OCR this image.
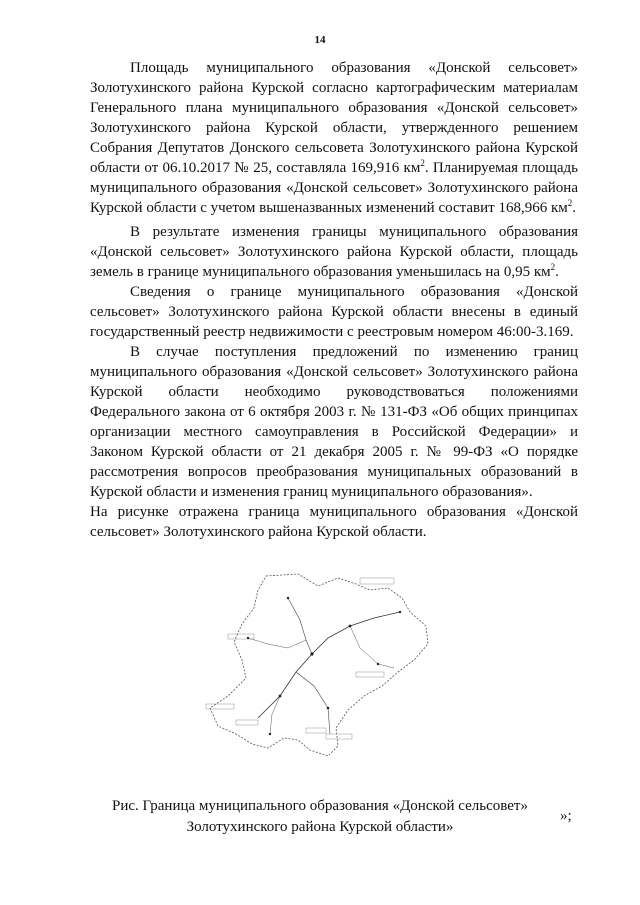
14

Площадь муниципального образования «Донской сельсовет» Золотухинского района Курской согласно картографическим материалам Генерального плана муниципального образования «Донской сельсовет» Золотухинского района Курской области, утвержденного решением Собрания Депутатов Донского сельсовета Золотухинского района Курской области от 06.10.2017 № 25, составляла 169,916 $км^2$. Планируемая площадь муниципального образования «Донской сельсовет» Золотухинского района Курской области с учетом вышеназванных изменений составит 168,966 $км^2$.

В результате изменения границы муниципального образования «Донской сельсовет» Золотухинского района Курской области, площадь земель в границе муниципального образования уменьшилась на 0,95 $км^2$.

Сведения о границе муниципального образования «Донской сельсовет» Золотухинского района Курской области внесены в единый государственный реестр недвижимости с реестровым номером 46:00-3.169.

В случае поступления предложений по изменению границ муниципального образования «Донской сельсовет» Золотухинского района Курской области необходимо руководствоваться положениями Федерального закона от 6 октября 2003 г. № 131-ФЗ «Об общих принципах организации местного самоуправления в Российской Федерации» и Законом Курской области от 21 декабря 2005 г. № 99-ФЗ «О порядке рассмотрения вопросов преобразования муниципальных образований в Курской области и изменения границ муниципального образования».

На рисунке отражена граница муниципального образования «Донской сельсовет» Золотухинского района Курской области.

Рис. Граница муниципального образования «Донской сельсовет»
Золотухинского района Курской области»
»;
